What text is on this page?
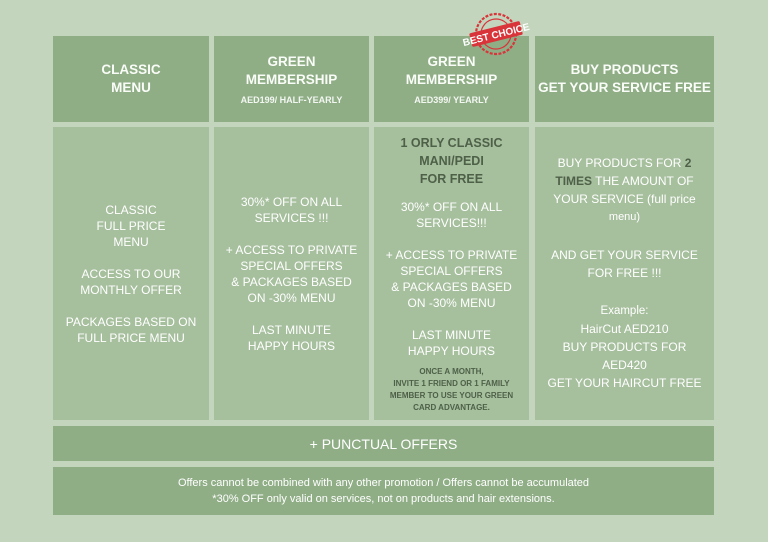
CLASSIC
MENU

CLASSIC

FULL PRICE

MENU

ACCESS TO OUR

MONTHLY OFFER

PACKAGES BASED ON

FULL PRICE MENU

GREEN
MEMBERSHIP
AED199/ HALF-YEARLY

30%* OFF ON ALL

SERVICES !!!

+ ACCESS TO PRIVATE

SPECIAL OFFERS

& PACKAGES BASED

ON -30% MENU

LAST MINUTE

HAPPY HOURS

GREEN
MEMBERSHIP
AED399/ YEARLY
BEST CHOICE
1 ORLY CLASSIC
MANI/PEDI
FOR FREE

30%* OFF ON ALL

SERVICES!!!

+ ACCESS TO PRIVATE

SPECIAL OFFERS

& PACKAGES BASED

ON -30% MENU

LAST MINUTE

HAPPY HOURS

ONCE A MONTH,
INVITE 1 FRIEND OR 1 FAMILY
MEMBER TO USE YOUR GREEN
CARD ADVANTAGE.
BUY PRODUCTS
GET YOUR SERVICE FREE

BUY PRODUCTS FOR 2

TIMES THE AMOUNT OF

YOUR SERVICE (full price

menu)

AND GET YOUR SERVICE

FOR FREE !!!

Example:

HairCut AED210

BUY PRODUCTS FOR

AED420

GET YOUR HAIRCUT FREE

+ PUNCTUAL OFFERS
Offers cannot be combined with any other promotion / Offers cannot be accumulated
*30% OFF only valid on services, not on products and hair extensions.
